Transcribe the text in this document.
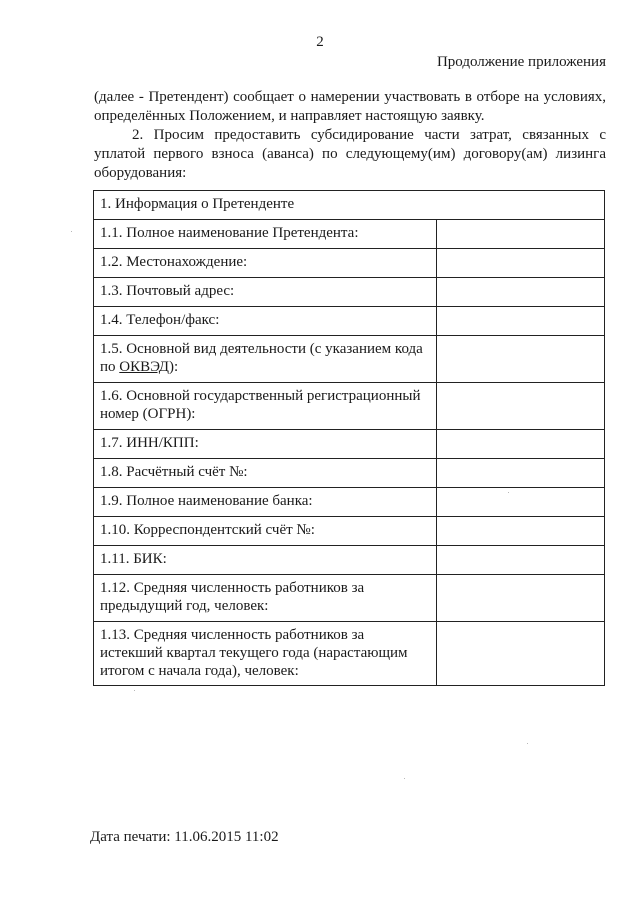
2
Продолжение приложения

(далее - Претендент) сообщает о намерении участвовать в отборе на условиях, определённых Положением, и направляет настоящую заявку.

2. Просим предоставить субсидирование части затрат, связанных с уплатой первого взноса (аванса) по следующему(им) договору(ам) лизинга оборудования:

1. Информация о Претенденте	
1.1. Полное наименование Претендента:	
1.2. Местонахождение:	
1.3. Почтовый адрес:	
1.4. Телефон/факс:	
1.5. Основной вид деятельности (с указанием кода по ОКВЭД):	
1.6. Основной государственный регистрационный номер (ОГРН):	
1.7. ИНН/КПП:	
1.8. Расчётный счёт №:	
1.9. Полное наименование банка:	
1.10. Корреспондентский счёт №:	
1.11. БИК:	
1.12. Средняя численность работников за предыдущий год, человек:	
1.13. Средняя численность работников за истекший квартал текущего года (нарастающим итогом с начала года), человек:	
Дата печати: 11.06.2015 11:02
